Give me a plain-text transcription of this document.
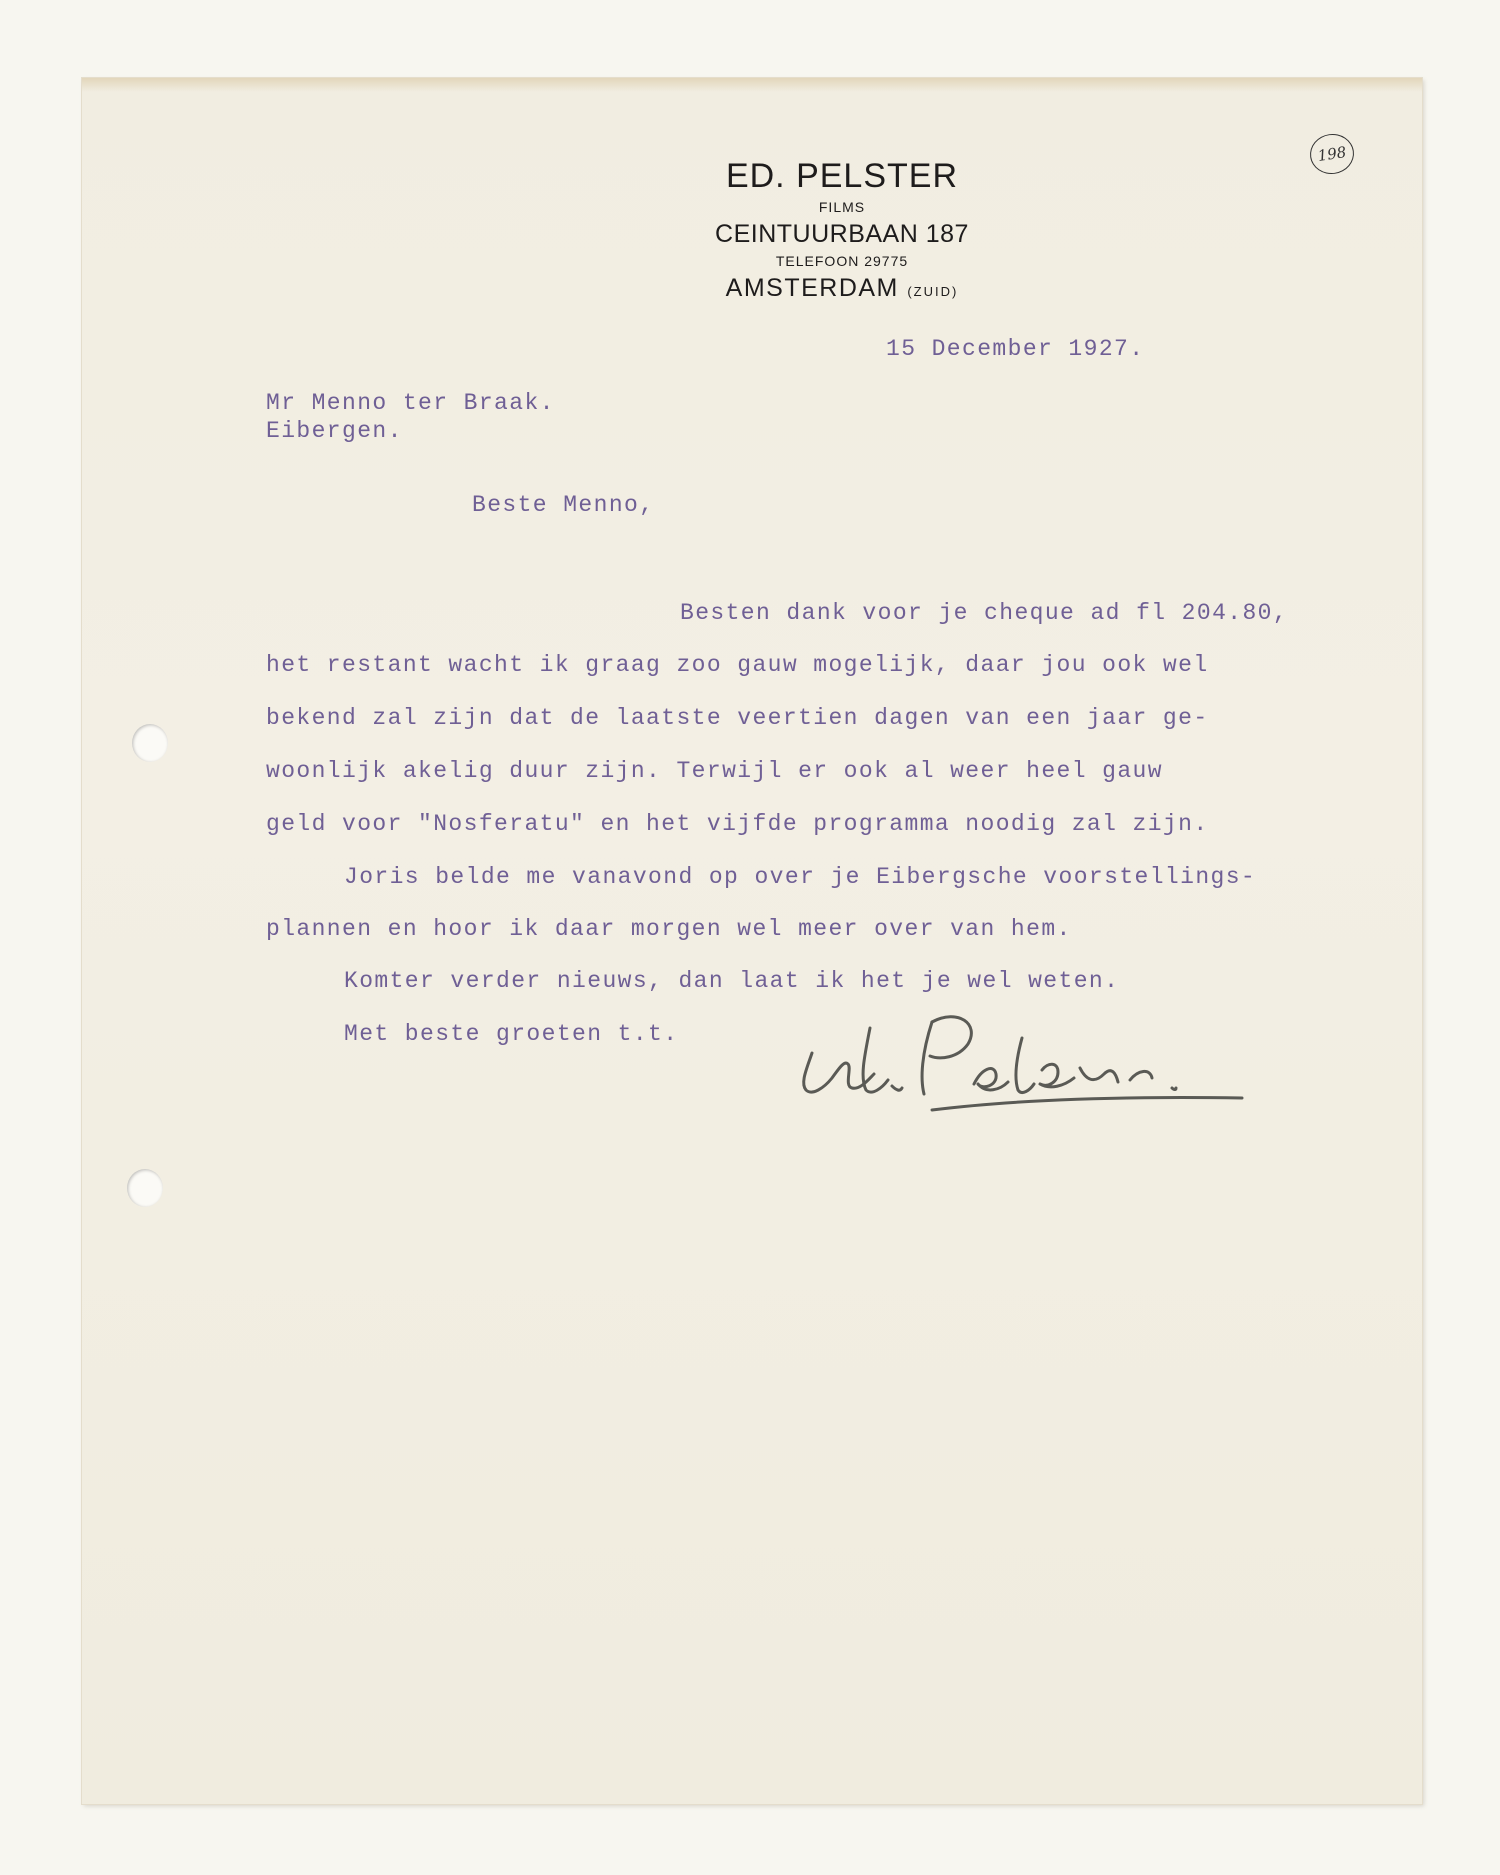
198
ED. PELSTER
FILMS
CEINTUURBAAN 187
TELEFOON 29775
AMSTERDAM (ZUID)
15 December 1927.
Mr Menno ter Braak.
Eibergen.
Beste Menno,
Besten dank voor je cheque ad fl 204.80,
het restant wacht ik graag zoo gauw mogelijk, daar jou ook wel
bekend zal zijn dat de laatste veertien dagen van een jaar ge-
woonlijk akelig duur zijn. Terwijl er ook al weer heel gauw
geld voor "Nosferatu" en het vijfde programma noodig zal zijn.
Joris belde me vanavond op over je Eibergsche voorstellings-
plannen en hoor ik daar morgen wel meer over van hem.
Komter verder nieuws, dan laat ik het je wel weten.
Met beste groeten t.t.
